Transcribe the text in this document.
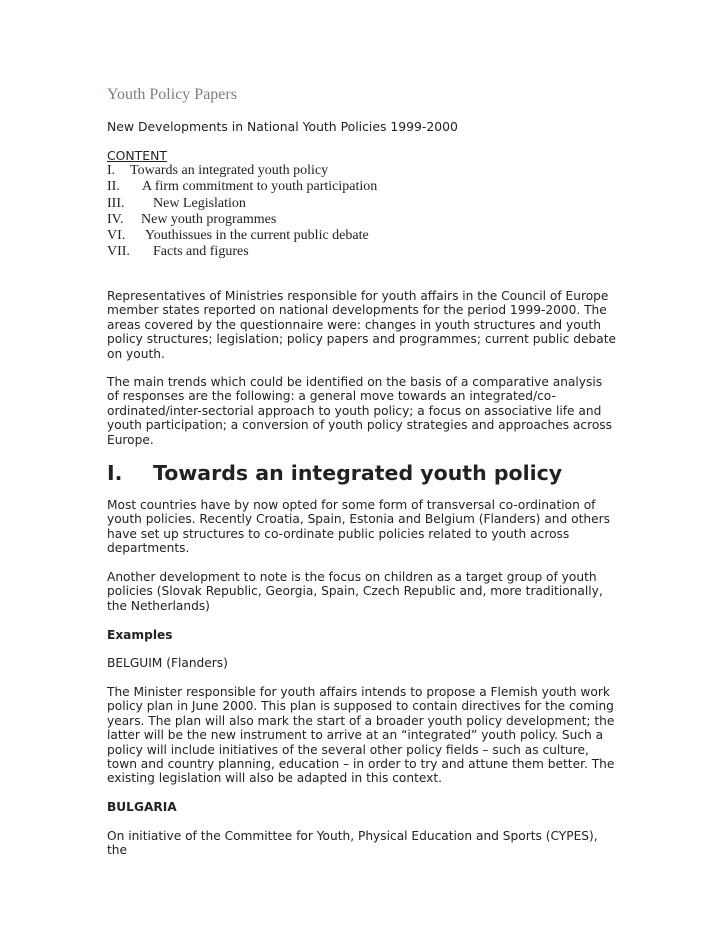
Youth Policy Papers
New Developments in National Youth Policies 1999-2000
CONTENT
I. Towards an integrated youth policy
II. A firm commitment to youth participation
III. New Legislation
IV. New youth programmes
VI. Youthissues in the current public debate
VII. Facts and figures

Representatives of Ministries responsible for youth affairs in the Council of Europe member states reported on national developments for the period 1999-2000. The areas covered by the questionnaire were: changes in youth structures and youth policy structures; legislation; policy papers and programmes; current public debate on youth.

The main trends which could be identified on the basis of a comparative analysis of responses are the following: a general move towards an integrated/co-ordinated/inter-sectorial approach to youth policy; a focus on associative life and youth participation; a conversion of youth policy strategies and approaches across Europe.

I. Towards an integrated youth policy

Most countries have by now opted for some form of transversal co-ordination of youth policies. Recently Croatia, Spain, Estonia and Belgium (Flanders) and others have set up structures to co-ordinate public policies related to youth across departments.

Another development to note is the focus on children as a target group of youth policies (Slovak Republic, Georgia, Spain, Czech Republic and, more traditionally, the Netherlands)

Examples

BELGUIM (Flanders)

The Minister responsible for youth affairs intends to propose a Flemish youth work policy plan in June 2000. This plan is supposed to contain directives for the coming years. The plan will also mark the start of a broader youth policy development; the latter will be the new instrument to arrive at an “integrated” youth policy. Such a policy will include initiatives of the several other policy fields – such as culture, town and country planning, education – in order to try and attune them better. The existing legislation will also be adapted in this context.

BULGARIA

On initiative of the Committee for Youth, Physical Education and Sports (CYPES), the
